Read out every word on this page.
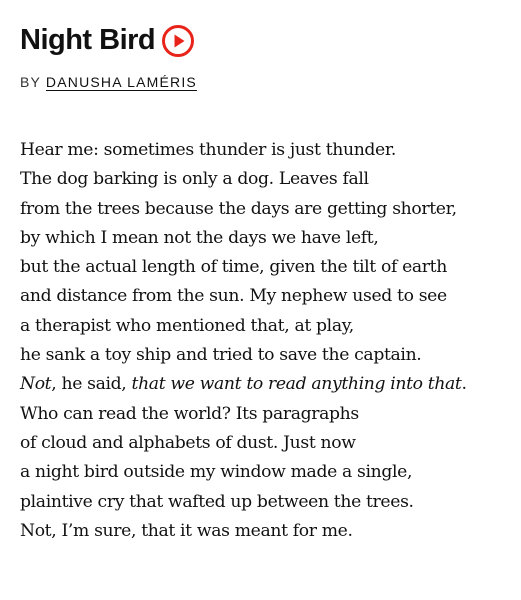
Night Bird
BY DANUSHA LAMÉRIS
Hear me: sometimes thunder is just thunder.
The dog barking is only a dog. Leaves fall
from the trees because the days are getting shorter,
by which I mean not the days we have left,
but the actual length of time, given the tilt of earth
and distance from the sun. My nephew used to see
a therapist who mentioned that, at play,
he sank a toy ship and tried to save the captain.
Not, he said, that we want to read anything into that.
Who can read the world? Its paragraphs
of cloud and alphabets of dust. Just now
a night bird outside my window made a single,
plaintive cry that wafted up between the trees.
Not, I’m sure, that it was meant for me.
